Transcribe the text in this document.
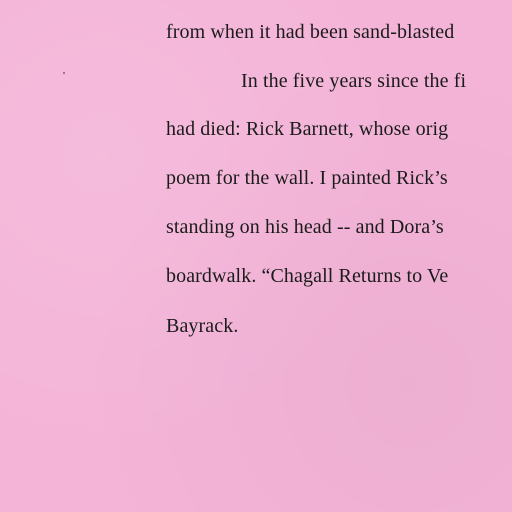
from when it had been sand-blasted
In the five years since the fi
had died: Rick Barnett, whose orig
poem for the wall. I painted Rick’s
standing on his head -- and Dora’s
boardwalk. “Chagall Returns to Ve
Bayrack.
